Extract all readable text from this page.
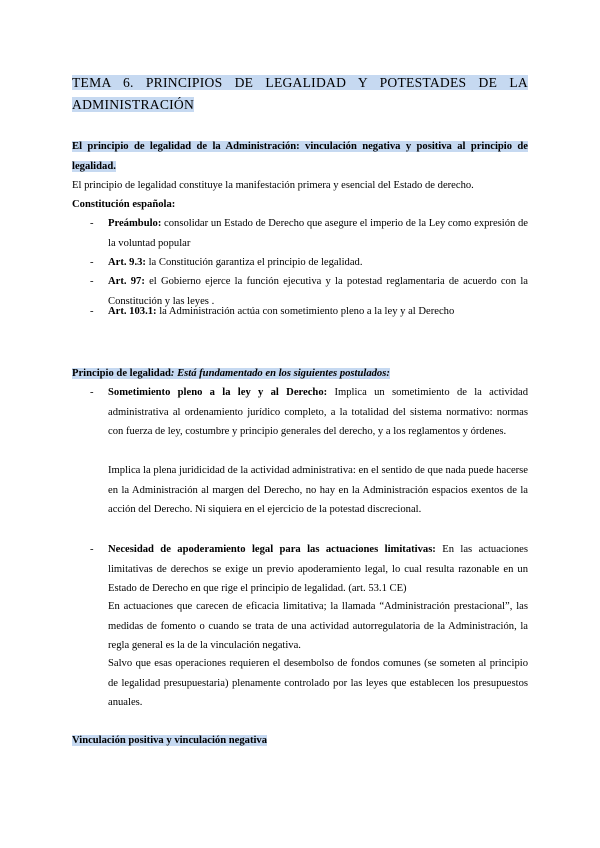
TEMA 6. PRINCIPIOS DE LEGALIDAD Y POTESTADES DE LA ADMINISTRACIÓN
El principio de legalidad de la Administración: vinculación negativa y positiva al principio de legalidad.
El principio de legalidad constituye la manifestación primera y esencial del Estado de derecho.
Constitución española:
- Preámbulo: consolidar un Estado de Derecho que asegure el imperio de la Ley como expresión de la voluntad popular
- Art. 9.3: la Constitución garantiza el principio de legalidad.
- Art. 97: el Gobierno ejerce la función ejecutiva y la potestad reglamentaria de acuerdo con la Constitución y las leyes .
- Art. 103.1: la Administración actúa con sometimiento pleno a la ley y al Derecho
Principio de legalidad: Está fundamentado en los siguientes postulados:
- Sometimiento pleno a la ley y al Derecho: Implica un sometimiento de la actividad administrativa al ordenamiento jurídico completo, a la totalidad del sistema normativo: normas con fuerza de ley, costumbre y principio generales del derecho, y a los reglamentos y órdenes.
Implica la plena juridicidad de la actividad administrativa: en el sentido de que nada puede hacerse en la Administración al margen del Derecho, no hay en la Administración espacios exentos de la acción del Derecho. Ni siquiera en el ejercicio de la potestad discrecional.
- Necesidad de apoderamiento legal para las actuaciones limitativas: En las actuaciones limitativas de derechos se exige un previo apoderamiento legal, lo cual resulta razonable en un Estado de Derecho en que rige el principio de legalidad. (art. 53.1 CE)
En actuaciones que carecen de eficacia limitativa; la llamada “Administración prestacional”, las medidas de fomento o cuando se trata de una actividad autorregulatoria de la Administración, la regla general es la de la vinculación negativa.
Salvo que esas operaciones requieren el desembolso de fondos comunes (se someten al principio de legalidad presupuestaria) plenamente controlado por las leyes que establecen los presupuestos anuales.
Vinculación positiva y vinculación negativa
